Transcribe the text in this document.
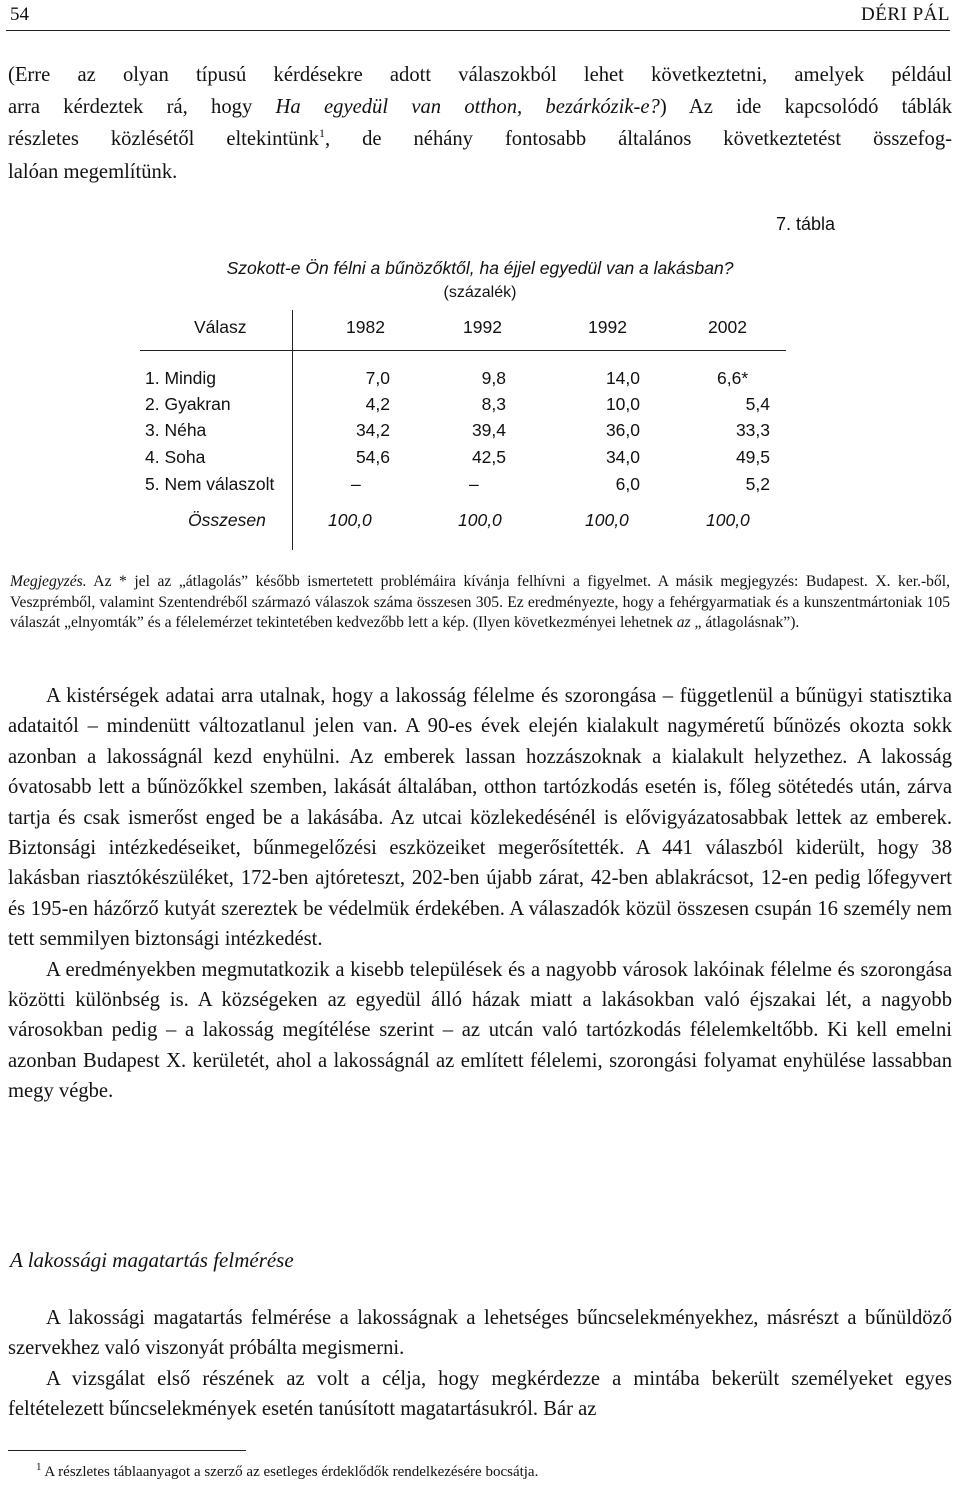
54	DÉRI PÁL
(Erre az olyan típusú kérdésekre adott válaszokból lehet következtetni, amelyek például
arra kérdeztek rá, hogy Ha egyedül van otthon, bezárkózik-e?) Az ide kapcsolódó táblák
részletes közlésétől eltekintünk$^1$, de néhány fontosabb általános következtetést összefog-
lalóan megemlítünk.
7. tábla
Szokott-e Ön félni a bűnözőktől, ha éjjel egyedül van a lakásban?
(százalék)
Válasz	1982	1992	1992	2002
1. Mindig	7,0	9,8	14,0	6,6*
2. Gyakran	4,2	8,3	10,0	5,4
3. Néha	34,2	39,4	36,0	33,3
4. Soha	54,6	42,5	34,0	49,5
5. Nem válaszolt	–	–	6,0	5,2
Összesen	100,0	100,0	100,0	100,0
Megjegyzés. Az * jel az „átlagolás” később ismertetett problémáira kívánja felhívni a figyelmet. A másik megjegyzés: Budapest. X. ker.-ből, Veszprémből, valamint Szentendréből származó válaszok száma összesen 305. Ez eredményezte, hogy a fehérgyarmatiak és a kunszentmártoniak 105 válaszát „elnyomták” és a félelemérzet tekintetében kedvezőbb lett a kép. (Ilyen következményei lehetnek az „ átlagolásnak”).
A kistérségek adatai arra utalnak, hogy a lakosság félelme és szorongása – függetlenül a bűnügyi statisztika adataitól – mindenütt változatlanul jelen van. A 90-es évek elején kialakult nagyméretű bűnözés okozta sokk azonban a lakosságnál kezd enyhülni. Az emberek lassan hozzászoknak a kialakult helyzethez. A lakosság óvatosabb lett a bűnözőkkel szemben, lakását általában, otthon tartózkodás esetén is, főleg sötétedés után, zárva tartja és csak ismerőst enged be a lakásába. Az utcai közlekedésénél is elővigyázatosabbak lettek az emberek. Biztonsági intézkedéseiket, bűnmegelőzési eszközeiket megerősítették. A 441 válaszból kiderült, hogy 38 lakásban riasztókészüléket, 172-ben ajtóreteszt, 202-ben újabb zárat, 42-ben ablakrácsot, 12-en pedig lőfegyvert és 195-en házőrző kutyát szereztek be védelmük érdekében. A válaszadók közül összesen csupán 16 személy nem tett semmilyen biztonsági intézkedést.
A eredményekben megmutatkozik a kisebb települések és a nagyobb városok lakóinak félelme és szorongása közötti különbség is. A községeken az egyedül álló házak miatt a lakásokban való éjszakai lét, a nagyobb városokban pedig – a lakosság megítélése szerint – az utcán való tartózkodás félelemkeltőbb. Ki kell emelni azonban Budapest X. kerületét, ahol a lakosságnál az említett félelemi, szorongási folyamat enyhülése lassabban megy végbe.
A lakossági magatartás felmérése
A lakossági magatartás felmérése a lakosságnak a lehetséges bűncselekményekhez, másrészt a bűnüldöző szervekhez való viszonyát próbálta megismerni.
A vizsgálat első részének az volt a célja, hogy megkérdezze a mintába bekerült személyeket egyes feltételezett bűncselekmények esetén tanúsított magatartásukról. Bár az
$^1$ A részletes táblaanyagot a szerző az esetleges érdeklődők rendelkezésére bocsátja.
